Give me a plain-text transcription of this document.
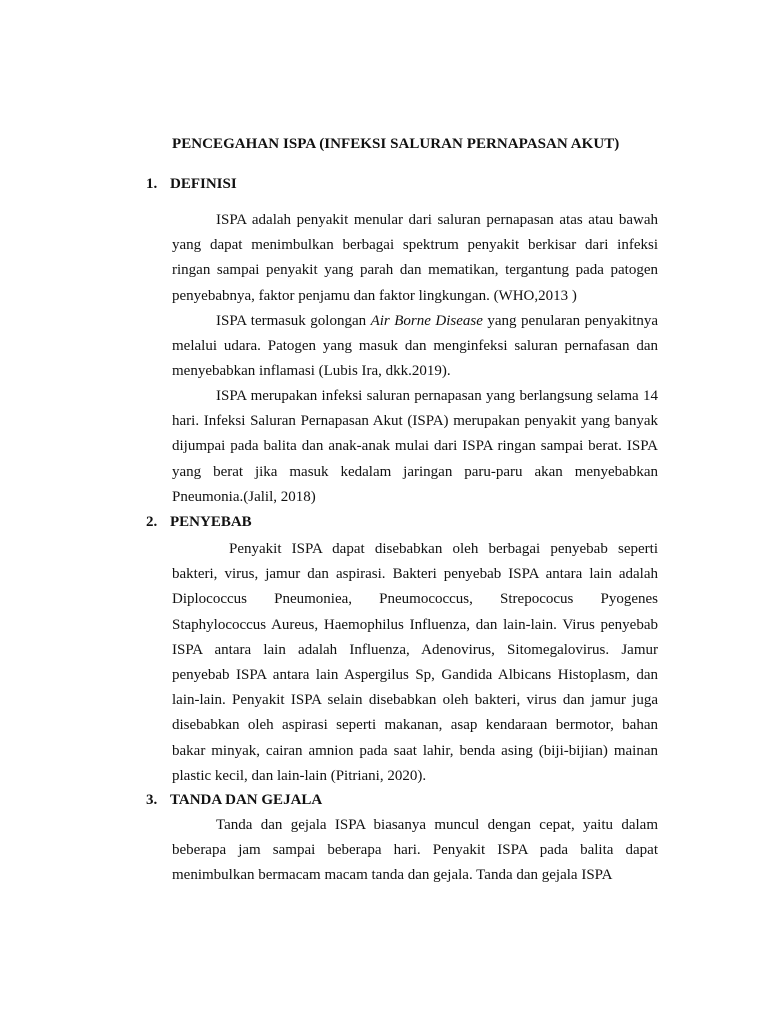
PENCEGAHAN ISPA (INFEKSI SALURAN PERNAPASAN AKUT)
1. DEFINISI

ISPA adalah penyakit menular dari saluran pernapasan atas atau bawah yang dapat menimbulkan berbagai spektrum penyakit berkisar dari infeksi ringan sampai penyakit yang parah dan mematikan, tergantung pada patogen penyebabnya, faktor penjamu dan faktor lingkungan. (WHO,2013 )

ISPA termasuk golongan Air Borne Disease yang penularan penyakitnya melalui udara. Patogen yang masuk dan menginfeksi saluran pernafasan dan menyebabkan inflamasi (Lubis Ira, dkk.2019).

ISPA merupakan infeksi saluran pernapasan yang berlangsung selama 14 hari. Infeksi Saluran Pernapasan Akut (ISPA) merupakan penyakit yang banyak dijumpai pada balita dan anak-anak mulai dari ISPA ringan sampai berat. ISPA yang berat jika masuk kedalam jaringan paru-paru akan menyebabkan Pneumonia.(Jalil, 2018)

2. PENYEBAB

Penyakit ISPA dapat disebabkan oleh berbagai penyebab seperti bakteri, virus, jamur dan aspirasi. Bakteri penyebab ISPA antara lain adalah Diplococcus Pneumoniea, Pneumococcus, Strepococus Pyogenes Staphylococcus Aureus, Haemophilus Influenza, dan lain-lain. Virus penyebab ISPA antara lain adalah Influenza, Adenovirus, Sitomegalovirus. Jamur penyebab ISPA antara lain Aspergilus Sp, Gandida Albicans Histoplasm, dan lain-lain. Penyakit ISPA selain disebabkan oleh bakteri, virus dan jamur juga disebabkan oleh aspirasi seperti makanan, asap kendaraan bermotor, bahan bakar minyak, cairan amnion pada saat lahir, benda asing (biji-bijian) mainan plastic kecil, dan lain-lain (Pitriani, 2020).

3. TANDA DAN GEJALA

Tanda dan gejala ISPA biasanya muncul dengan cepat, yaitu dalam beberapa jam sampai beberapa hari. Penyakit ISPA pada balita dapat menimbulkan bermacam macam tanda dan gejala. Tanda dan gejala ISPA
